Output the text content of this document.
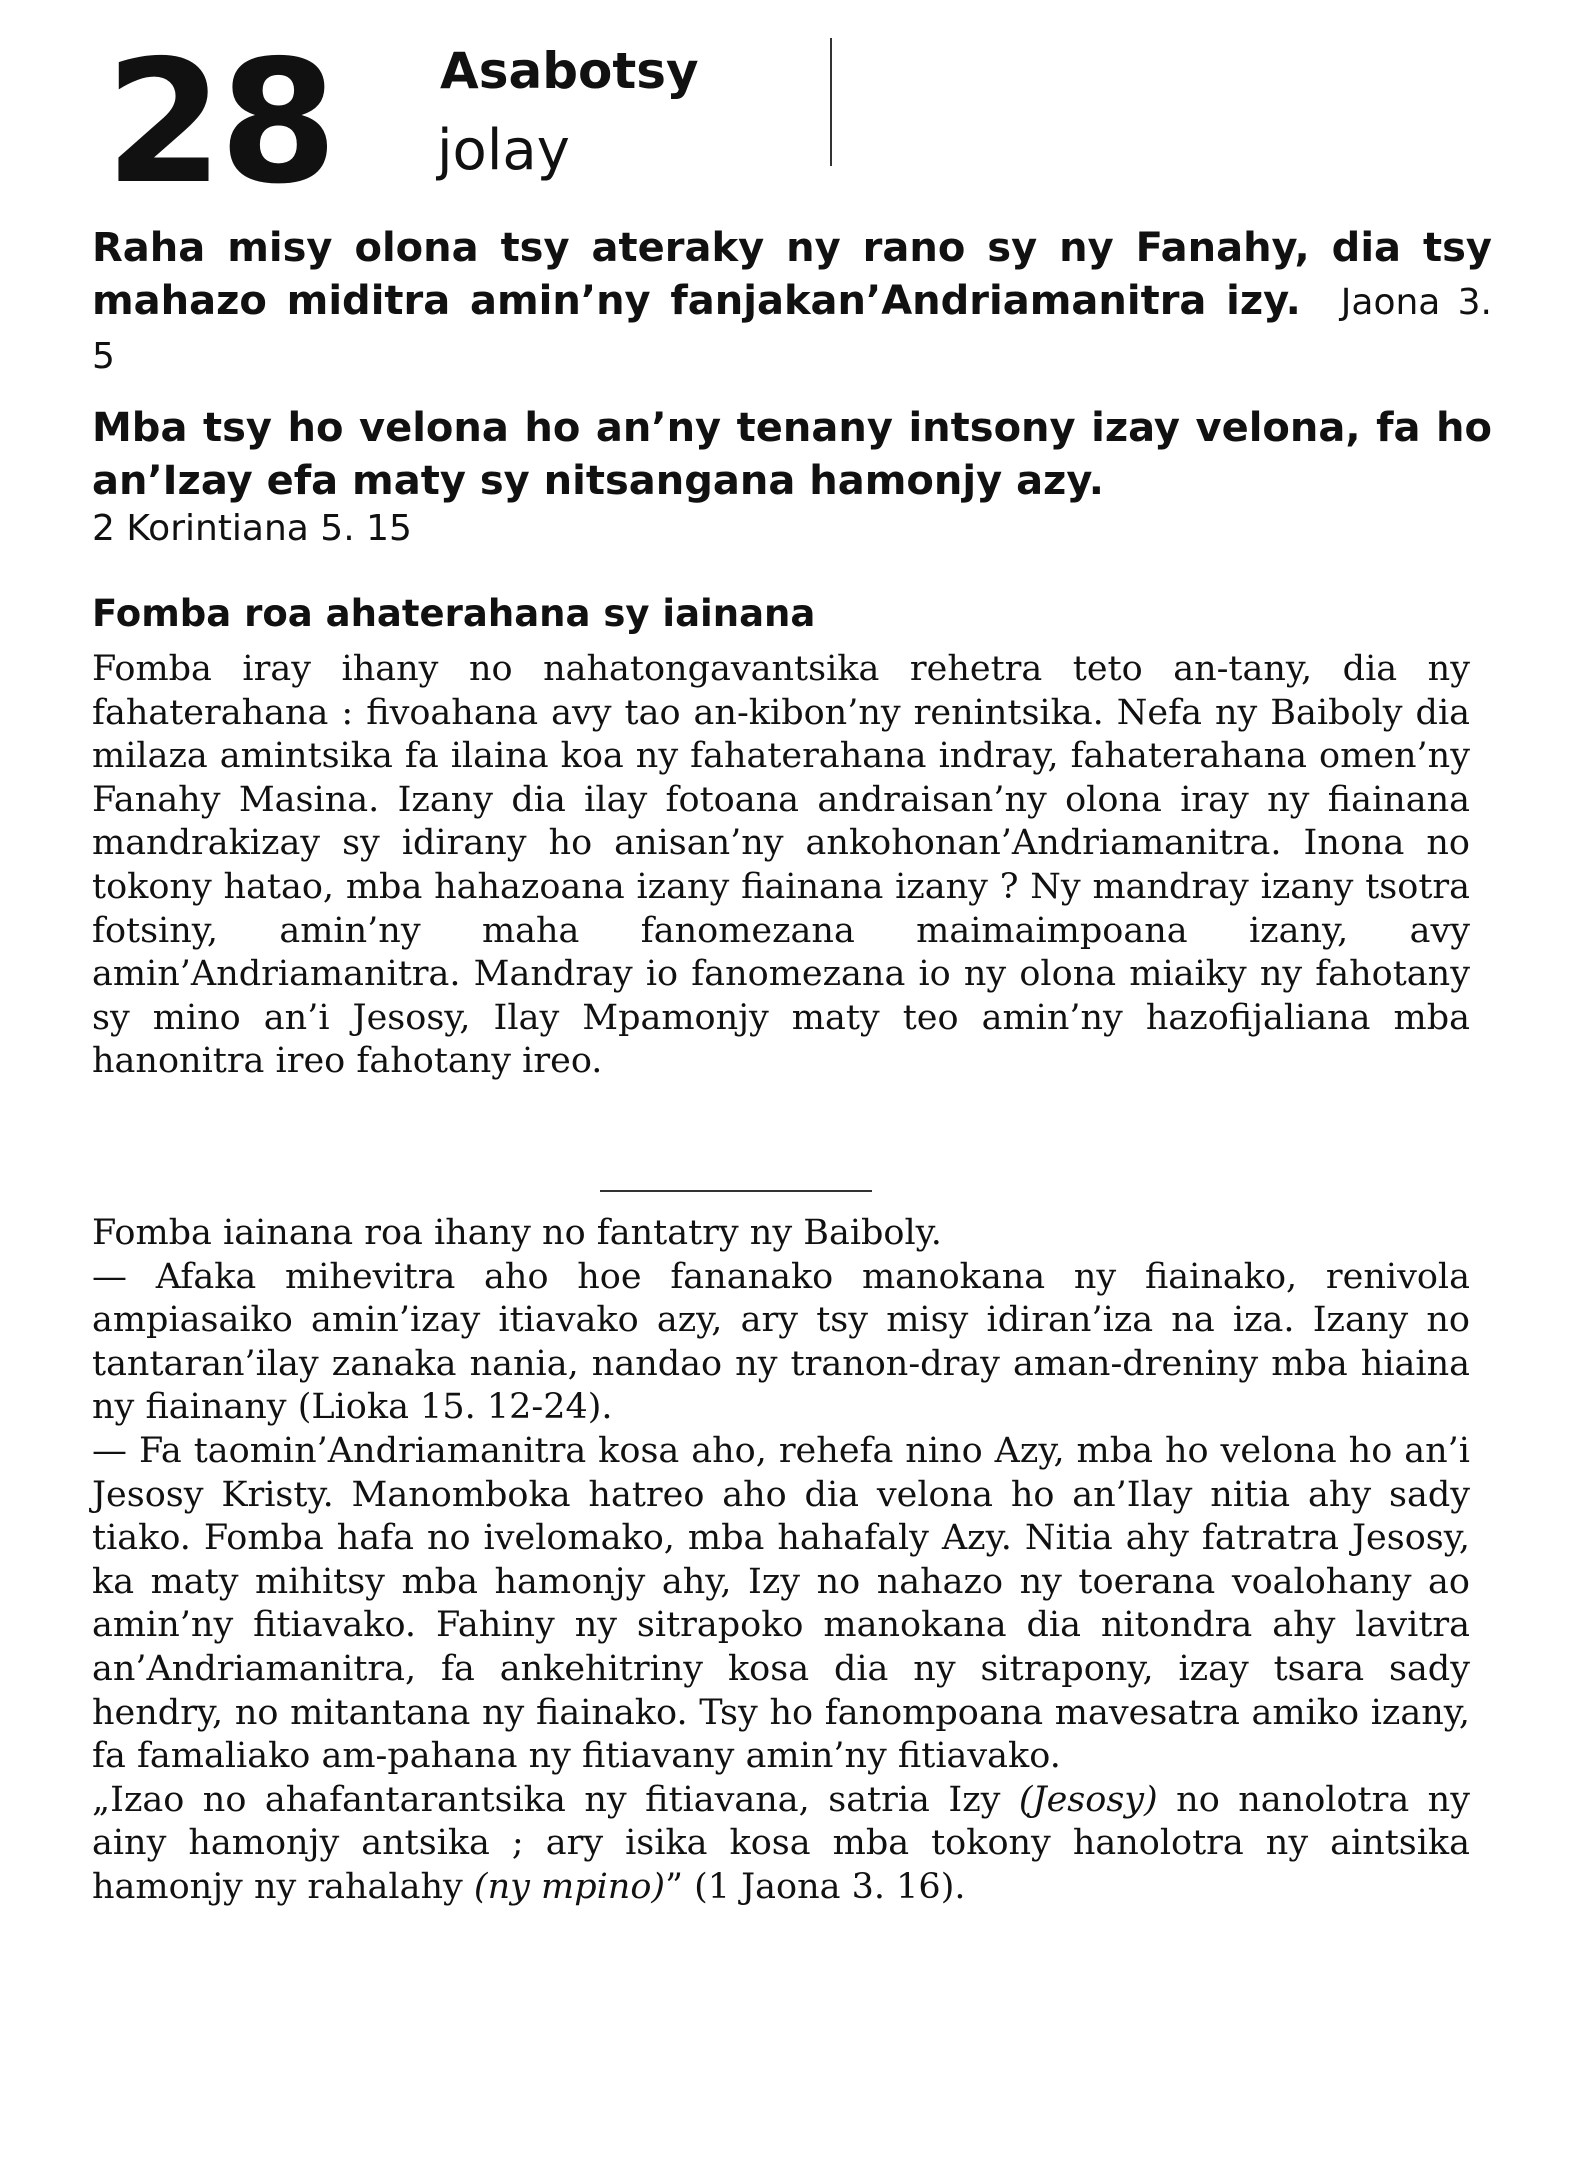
28 Asabotsy
jolay
Raha misy olona tsy ateraky ny rano sy ny Fanahy, dia tsy mahazo miditra amin’ny fanjakan’Andriamanitra izy. Jaona 3. 5
Mba tsy ho velona ho an’ny tenany intsony izay velona, fa ho an’Izay efa maty sy nitsangana hamonjy azy.
2 Korintiana 5. 15
Fomba roa ahaterahana sy iainana

Fomba iray ihany no nahatongavantsika rehetra teto an-tany, dia ny fahaterahana : fivoahana avy tao an-kibon’ny renintsika. Nefa ny Baiboly dia milaza amintsika fa ilaina koa ny fahaterahana indray, fahaterahana omen’ny Fanahy Masina. Izany dia ilay fotoana andraisan’ny olona iray ny fiainana mandrakizay sy idirany ho anisan’ny ankohonan’Andriamanitra. Inona no tokony hatao, mba hahazoana izany fiainana izany ? Ny mandray izany tsotra fotsiny, amin’ny maha fanomezana maimaimpoana izany, avy amin’Andriamanitra. Mandray io fanomezana io ny olona miaiky ny fahotany sy mino an’i Jesosy, Ilay Mpamonjy maty teo amin’ny hazofijaliana mba hanonitra ireo fahotany ireo.

Fomba iainana roa ihany no fantatry ny Baiboly.

— Afaka mihevitra aho hoe fananako manokana ny fiainako, renivola ampiasaiko amin’izay itiavako azy, ary tsy misy idiran’iza na iza. Izany no tantaran’ilay zanaka nania, nandao ny tranon-dray aman-dreniny mba hiaina ny fiainany (Lioka 15. 12-24).

— Fa taomin’Andriamanitra kosa aho, rehefa nino Azy, mba ho velona ho an’i Jesosy Kristy. Manomboka hatreo aho dia velona ho an’Ilay nitia ahy sady tiako. Fomba hafa no ivelomako, mba hahafaly Azy. Nitia ahy fatratra Jesosy, ka maty mihitsy mba hamonjy ahy, Izy no nahazo ny toerana voalohany ao amin’ny fitiavako. Fahiny ny sitrapoko manokana dia nitondra ahy lavitra an’Andriamanitra, fa ankehitriny kosa dia ny sitrapony, izay tsara sady hendry, no mitantana ny fiainako. Tsy ho fanompoana mavesatra amiko izany, fa famaliako am-pahana ny fitiavany amin’ny fitiavako.

„Izao no ahafantarantsika ny fitiavana, satria Izy (Jesosy) no nanolotra ny ainy hamonjy antsika ; ary isika kosa mba tokony hanolotra ny aintsika hamonjy ny rahalahy (ny mpino)” (1 Jaona 3. 16).
